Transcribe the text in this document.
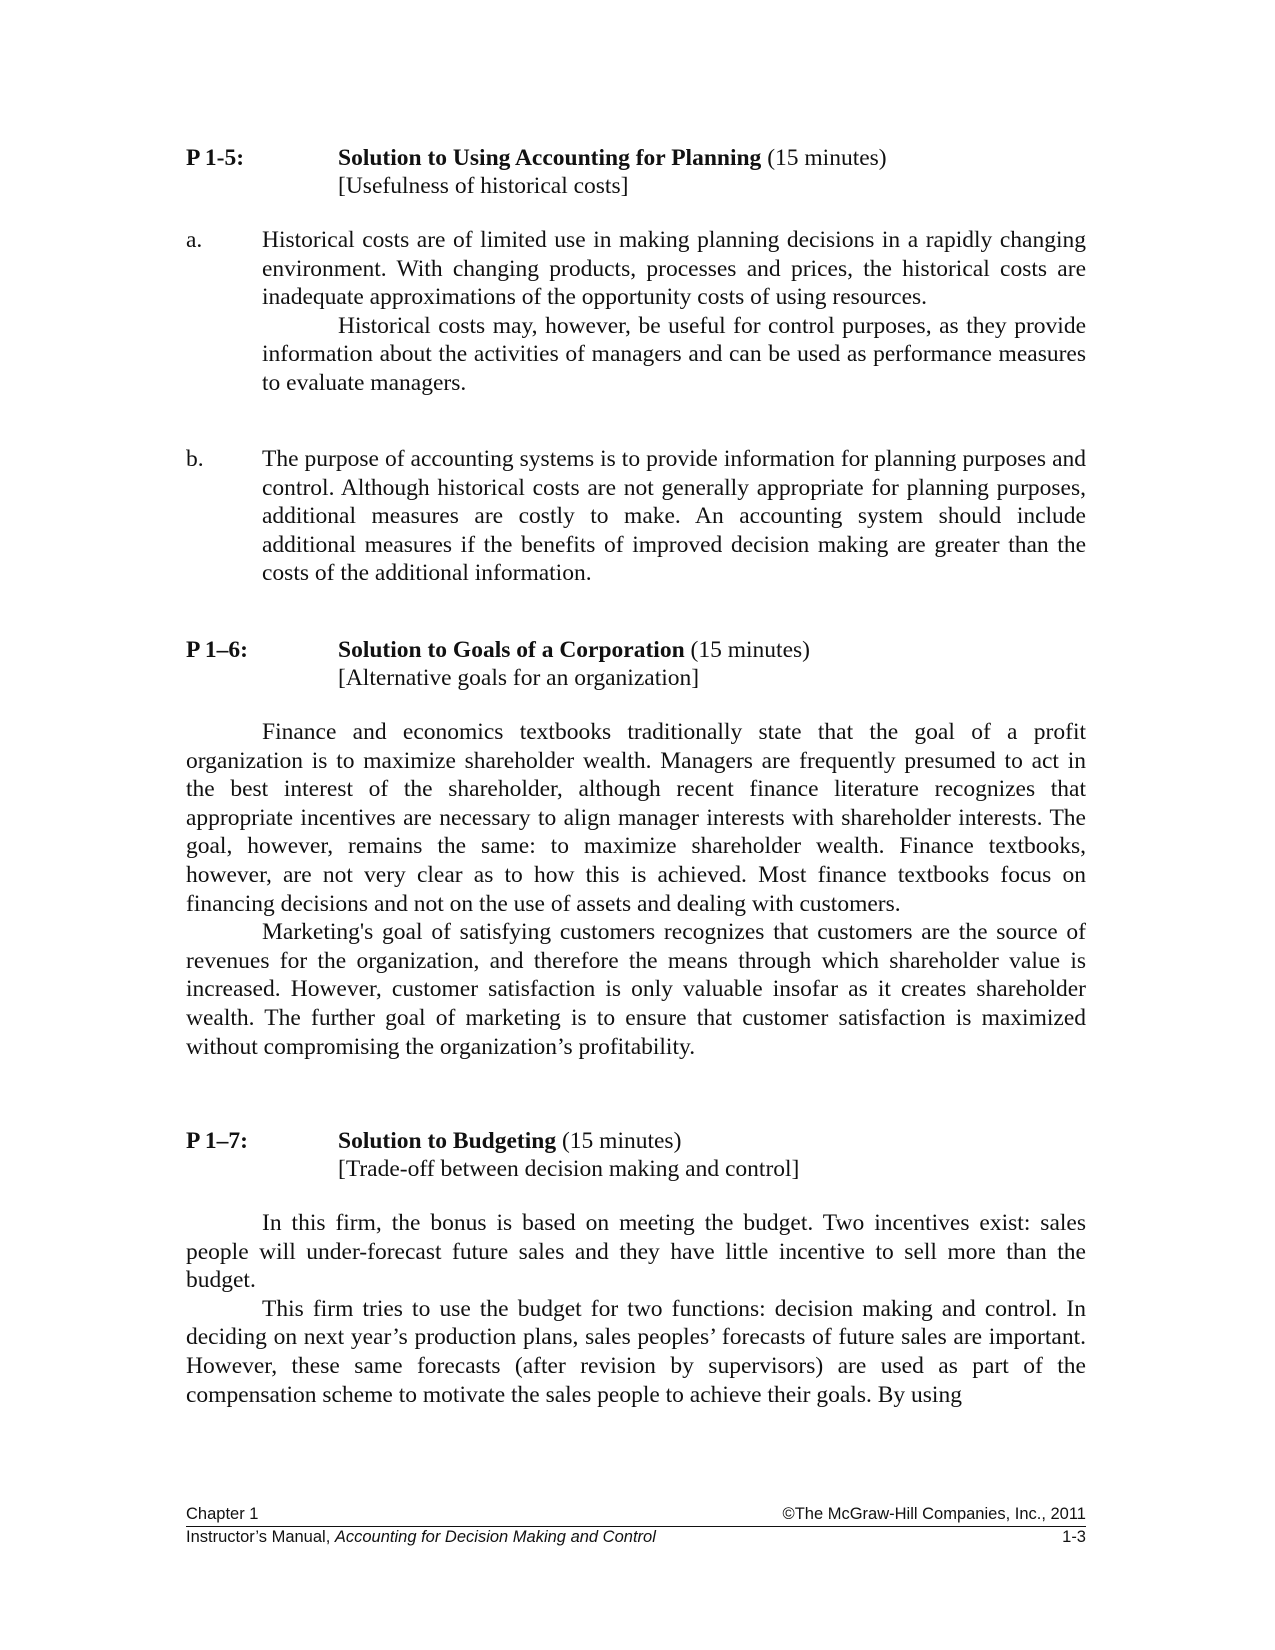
P 1-5:	Solution to Using Accounting for Planning (15 minutes)
[Usefulness of historical costs]
a.	Historical costs are of limited use in making planning decisions in a rapidly changing environment. With changing products, processes and prices, the historical costs are inadequate approximations of the opportunity costs of using resources.

Historical costs may, however, be useful for control purposes, as they provide information about the activities of managers and can be used as performance measures to evaluate managers.

b. The purpose of accounting systems is to provide information for planning purposes and control. Although historical costs are not generally appropriate for planning purposes, additional measures are costly to make. An accounting system should include additional measures if the benefits of improved decision making are greater than the costs of the additional information.

P 1–6:	Solution to Goals of a Corporation (15 minutes)
[Alternative goals for an organization]

Finance and economics textbooks traditionally state that the goal of a profit organization is to maximize shareholder wealth. Managers are frequently presumed to act in the best interest of the shareholder, although recent finance literature recognizes that appropriate incentives are necessary to align manager interests with shareholder interests. The goal, however, remains the same: to maximize shareholder wealth. Finance textbooks, however, are not very clear as to how this is achieved. Most finance textbooks focus on financing decisions and not on the use of assets and dealing with customers.

Marketing's goal of satisfying customers recognizes that customers are the source of revenues for the organization, and therefore the means through which shareholder value is increased. However, customer satisfaction is only valuable insofar as it creates shareholder wealth. The further goal of marketing is to ensure that customer satisfaction is maximized without compromising the organization’s profitability.

P 1–7:	Solution to Budgeting (15 minutes)
[Trade-off between decision making and control]

In this firm, the bonus is based on meeting the budget. Two incentives exist: sales people will under-forecast future sales and they have little incentive to sell more than the budget.

This firm tries to use the budget for two functions: decision making and control. In deciding on next year’s production plans, sales peoples’ forecasts of future sales are important. However, these same forecasts (after revision by supervisors) are used as part of the compensation scheme to motivate the sales people to achieve their goals. By using

Chapter 1	©The McGraw-Hill Companies, Inc., 2011
Instructor’s Manual, Accounting for Decision Making and Control	1-3
